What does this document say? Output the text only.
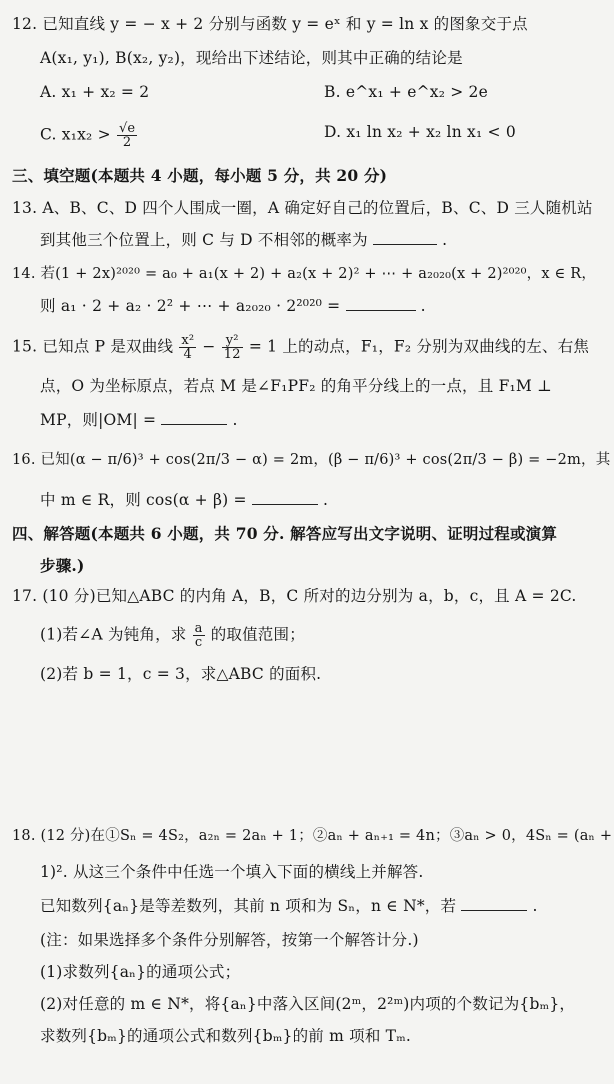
12. 已知直线 y = − x + 2 分别与函数 y = eˣ 和 y = ln x 的图象交于点
A(x₁, y₁), B(x₂, y₂)，现给出下述结论，则其中正确的结论是
A. x₁ + x₂ = 2	B. e^x₁ + e^x₂ > 2e
C. $x_1x_2 > \frac{√e}{2}$	D. x₁ ln x₂ + x₂ ln x₁ < 0
三、填空题(本题共 4 小题，每小题 5 分，共 20 分)
13. A、B、C、D 四个人围成一圈，A 确定好自己的位置后，B、C、D 三人随机站
到其他三个位置上，则 C 与 D 不相邻的概率为	.
14. 若(1 + 2x)²⁰²⁰ = a₀ + a₁(x + 2) + a₂(x + 2)² + ⋯ + a₂₀₂₀(x + 2)²⁰²⁰，x ∈ R，
则 a₁ · 2 + a₂ · 2² + ⋯ + a₂₀₂₀ · 2²⁰²⁰ =	.
15. 已知点 P 是双曲线 $\frac{\text{x²}}{4} - \frac{\text{y²}}{12} = 1$ 上的动点，F₁，F₂ 分别为双曲线的左、右焦
点，O 为坐标原点，若点 M 是∠F₁PF₂ 的角平分线上的一点，且 F₁M ⊥
MP，则|OM| =	.
16. 已知(α − π/6)³ + cos(2π/3 − α) = 2m，(β − π/6)³ + cos(2π/3 − β) = −2m，其
中 m ∈ R，则 cos(α + β) =	.
四、解答题(本题共 6 小题，共 70 分. 解答应写出文字说明、证明过程或演算
步骤.)
17. (10 分)已知△ABC 的内角 A，B，C 所对的边分别为 a，b，c，且 A = 2C.
(1)若∠A 为钝角，求 $\frac{a}{c}$ 的取值范围；
(2)若 b = 1，c = 3，求△ABC 的面积.
18. (12 分)在①Sₙ = 4S₂，a₂ₙ = 2aₙ + 1；②aₙ + aₙ₊₁ = 4n；③aₙ > 0，4Sₙ = (aₙ +
1)². 从这三个条件中任选一个填入下面的横线上并解答.
已知数列{aₙ}是等差数列，其前 n 项和为 Sₙ，n ∈ N*，若	.
(注：如果选择多个条件分别解答，按第一个解答计分.)
(1)求数列{aₙ}的通项公式；
(2)对任意的 m ∈ N*，将{aₙ}中落入区间(2ᵐ，2²ᵐ)内项的个数记为{bₘ}，
求数列{bₘ}的通项公式和数列{bₘ}的前 m 项和 Tₘ.
